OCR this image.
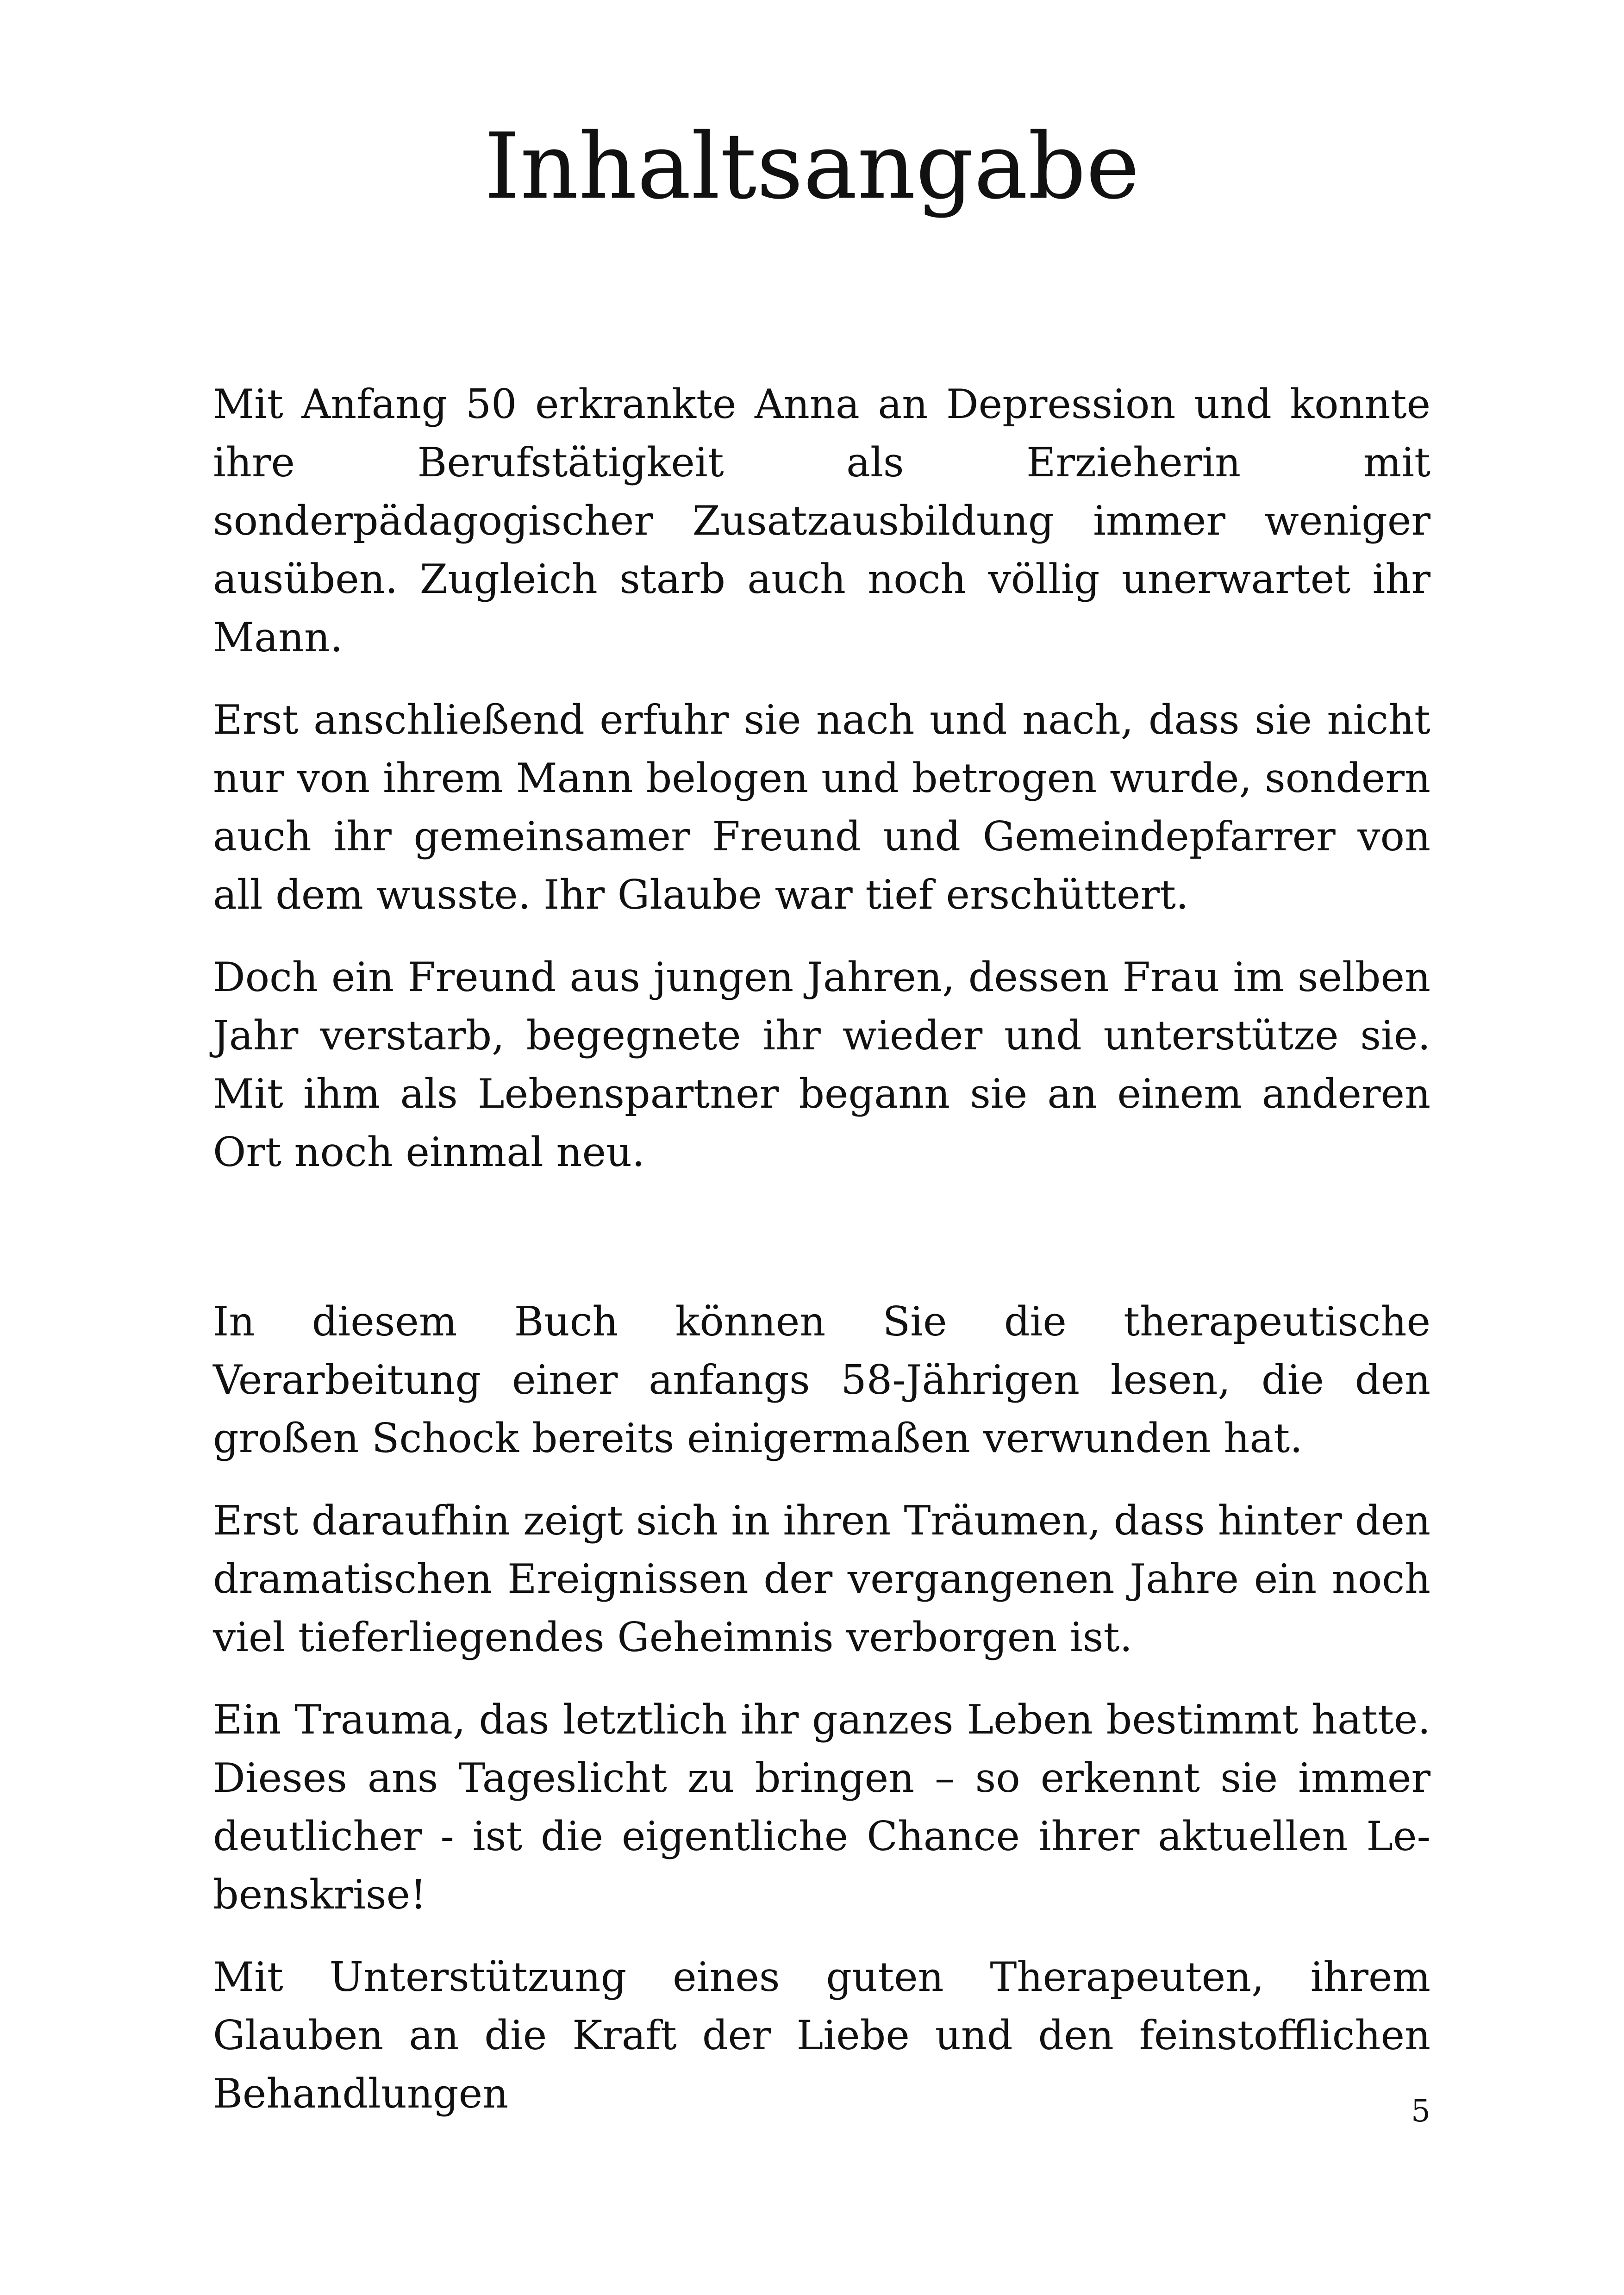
Inhaltsangabe

Mit Anfang 50 erkrankte Anna an Depression und konnte ihre Berufstätigkeit als Erzieherin mit sonderpädagogischer Zusatzausbildung immer weniger ausüben. Zugleich starb auch noch völlig unerwartet ihr Mann.

Erst anschließend erfuhr sie nach und nach, dass sie nicht nur von ihrem Mann belogen und betrogen wurde, sondern auch ihr gemeinsamer Freund und Gemeindepfarrer von all dem wusste. Ihr Glaube war tief erschüttert.

Doch ein Freund aus jungen Jahren, dessen Frau im selben Jahr verstarb, begegnete ihr wieder und unterstütze sie. Mit ihm als Lebenspartner begann sie an einem anderen Ort noch einmal neu.

In diesem Buch können Sie die therapeutische Verarbeitung einer anfangs 58-Jährigen lesen, die den großen Schock bereits einigermaßen verwunden hat.

Erst daraufhin zeigt sich in ihren Träumen, dass hinter den dramatischen Ereignissen der vergangenen Jahre ein noch viel tieferliegendes Geheimnis verborgen ist.

Ein Trauma, das letztlich ihr ganzes Leben bestimmt hatte. Dieses ans Tageslicht zu bringen – so erkennt sie immer deutlicher - ist die eigentliche Chance ihrer aktuellen Lebenskrise!

Mit Unterstützung eines guten Therapeuten, ihrem Glauben an die Kraft der Liebe und den feinstofflichen Behandlungen	5
